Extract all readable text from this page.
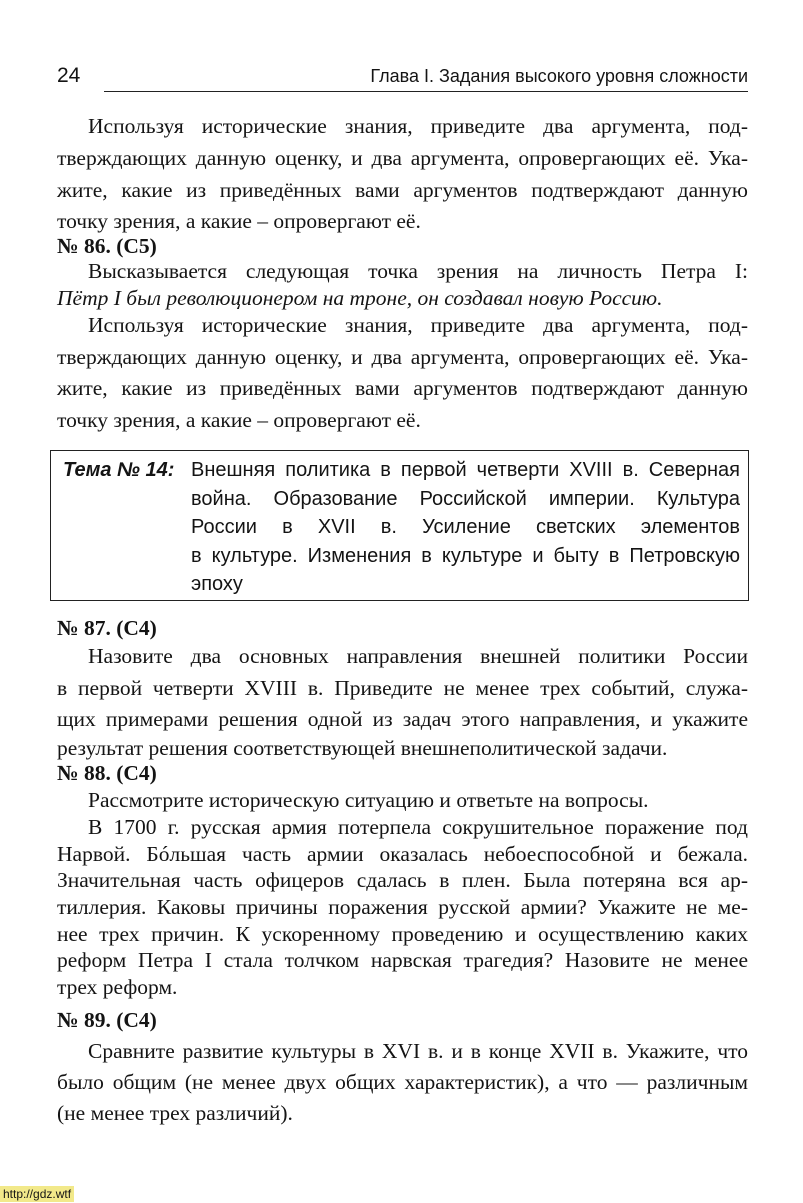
24	Глава I. Задания высокого уровня сложности
Используя исторические знания, приведите два аргумента, под-
тверждающих данную оценку, и два аргумента, опровергающих её. Ука-
жите, какие из приведённых вами аргументов подтверждают данную
точку зрения, а какие – опровергают её.
№ 86. (С5)
Высказывается следующая точка зрения на личность Петра I:
Пётр I был революционером на троне, он создавал новую Россию.
Используя исторические знания, приведите два аргумента, под-
тверждающих данную оценку, и два аргумента, опровергающих её. Ука-
жите, какие из приведённых вами аргументов подтверждают данную
точку зрения, а какие – опровергают её.
Тема № 14: Внешняя политика в первой четверти XVIII в. Северная
война. Образование Российской империи. Культура
России в XVII в. Усиление светских элементов
в культуре. Изменения в культуре и быту в Петровскую
эпоху
№ 87. (С4)
Назовите два основных направления внешней политики России
в первой четверти XVIII в. Приведите не менее трех событий, служа-
щих примерами решения одной из задач этого направления, и укажите
результат решения соответствующей внешнеполитической задачи.
№ 88. (С4)
Рассмотрите историческую ситуацию и ответьте на вопросы.
В 1700 г. русская армия потерпела сокрушительное поражение под
Нарвой. Бóльшая часть армии оказалась небоеспособной и бежала.
Значительная часть офицеров сдалась в плен. Была потеряна вся ар-
тиллерия. Каковы причины поражения русской армии? Укажите не ме-
нее трех причин. К ускоренному проведению и осуществлению каких
реформ Петра I стала толчком нарвская трагедия? Назовите не менее
трех реформ.
№ 89. (С4)
Сравните развитие культуры в XVI в. и в конце XVII в. Укажите, что
было общим (не менее двух общих характеристик), а что — различным
(не менее трех различий).
http://gdz.wtf
